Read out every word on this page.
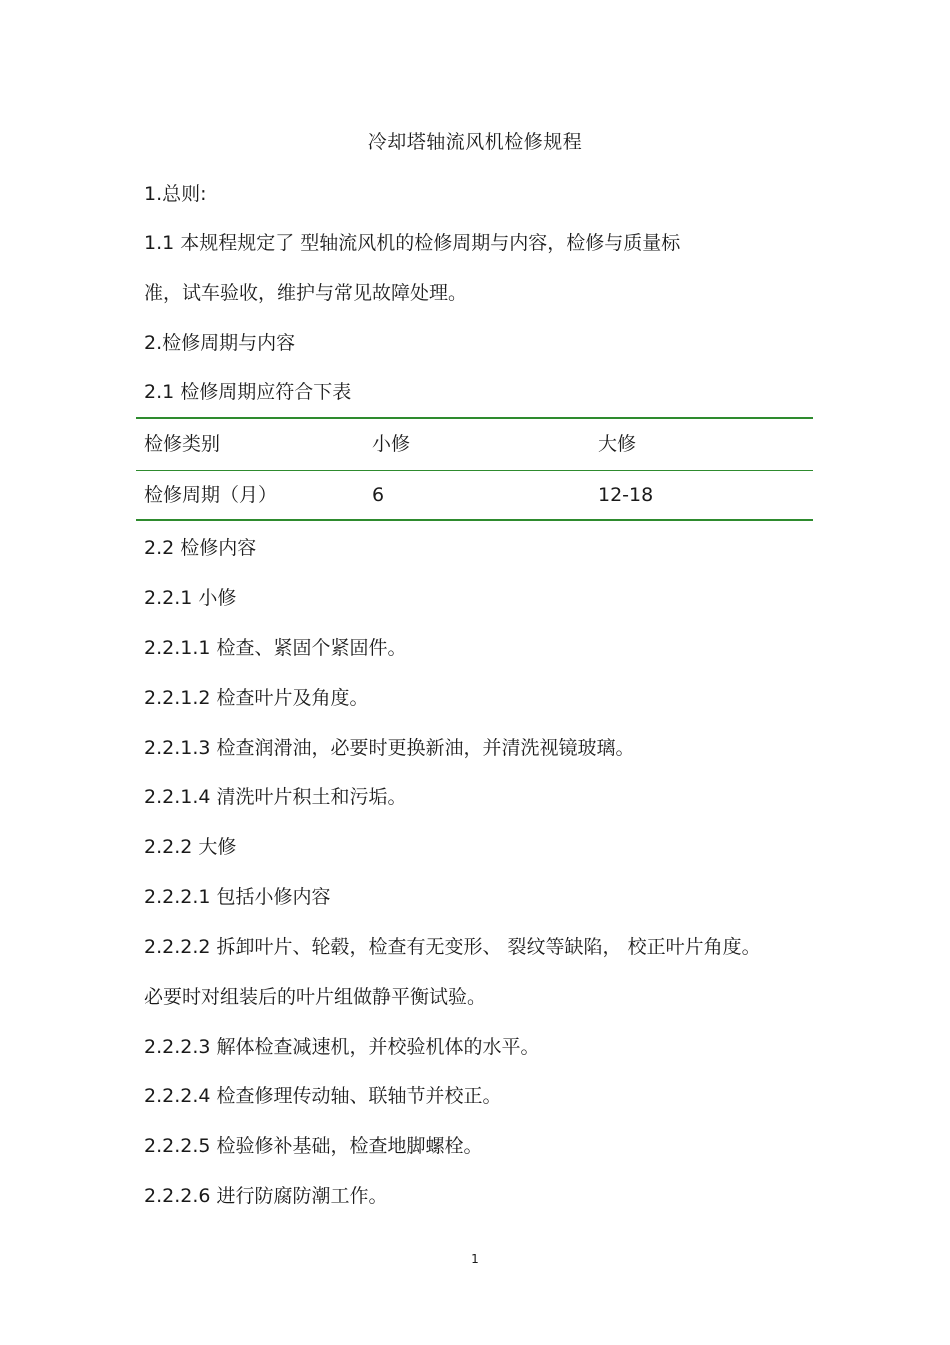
冷却塔轴流风机检修规程
1.总则:
1.1 本规程规定了 型轴流风机的检修周期与内容，检修与质量标
准，试车验收，维护与常见故障处理。
2.检修周期与内容
2.1 检修周期应符合下表
检修类别	小修	大修
检修周期（月）	6	12-18
2.2 检修内容
2.2.1 小修
2.2.1.1 检查、紧固个紧固件。
2.2.1.2 检查叶片及角度。
2.2.1.3 检查润滑油，必要时更换新油，并清洗视镜玻璃。
2.2.1.4 清洗叶片积土和污垢。
2.2.2 大修
2.2.2.1 包括小修内容
2.2.2.2 拆卸叶片、轮毂，检查有无变形、 裂纹等缺陷， 校正叶片角度。
必要时对组装后的叶片组做静平衡试验。
2.2.2.3 解体检查减速机，并校验机体的水平。
2.2.2.4 检查修理传动轴、联轴节并校正。
2.2.2.5 检验修补基础，检查地脚螺栓。
2.2.2.6 进行防腐防潮工作。
1
